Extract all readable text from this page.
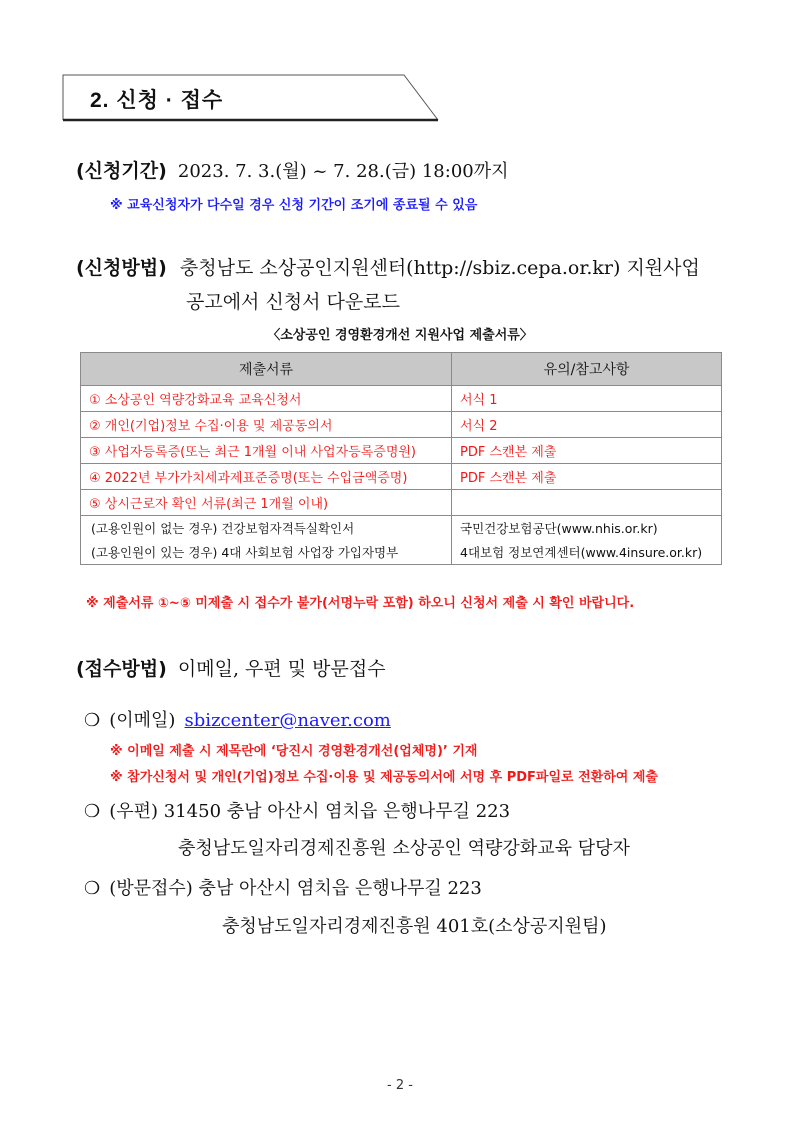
2. 신청 · 접수
(신청기간) 2023. 7. 3.(월) ~ 7. 28.(금) 18:00까지
※ 교육신청자가 다수일 경우 신청 기간이 조기에 종료될 수 있음
(신청방법) 충청남도 소상공인지원센터(http://sbiz.cepa.or.kr) 지원사업
공고에서 신청서 다운로드
〈소상공인 경영환경개선 지원사업 제출서류〉
제출서류	유의/참고사항
① 소상공인 역량강화교육 교육신청서	서식 1
② 개인(기업)정보 수집·이용 및 제공동의서	서식 2
③ 사업자등록증(또는 최근 1개월 이내 사업자등록증명원)	PDF 스캔본 제출
④ 2022년 부가가치세과제표준증명(또는 수입금액증명)	PDF 스캔본 제출
⑤ 상시근로자 확인 서류(최근 1개월 이내)	
(고용인원이 없는 경우) 건강보험자격득실확인서	국민건강보험공단(www.nhis.or.kr)
(고용인원이 있는 경우) 4대 사회보험 사업장 가입자명부	4대보험 정보연계센터(www.4insure.or.kr)
※ 제출서류 ①~⑤ 미제출 시 접수가 불가(서명누락 포함) 하오니 신청서 제출 시 확인 바랍니다.
(접수방법) 이메일, 우편 및 방문접수
❍ (이메일) sbizcenter@naver.com
※ 이메일 제출 시 제목란에 ‘당진시 경영환경개선(업체명)’ 기재
※ 참가신청서 및 개인(기업)정보 수집·이용 및 제공동의서에 서명 후 PDF파일로 전환하여 제출
❍ (우편) 31450 충남 아산시 염치읍 은행나무길 223
충청남도일자리경제진흥원 소상공인 역량강화교육 담당자
❍ (방문접수) 충남 아산시 염치읍 은행나무길 223
충청남도일자리경제진흥원 401호(소상공지원팀)
- 2 -
